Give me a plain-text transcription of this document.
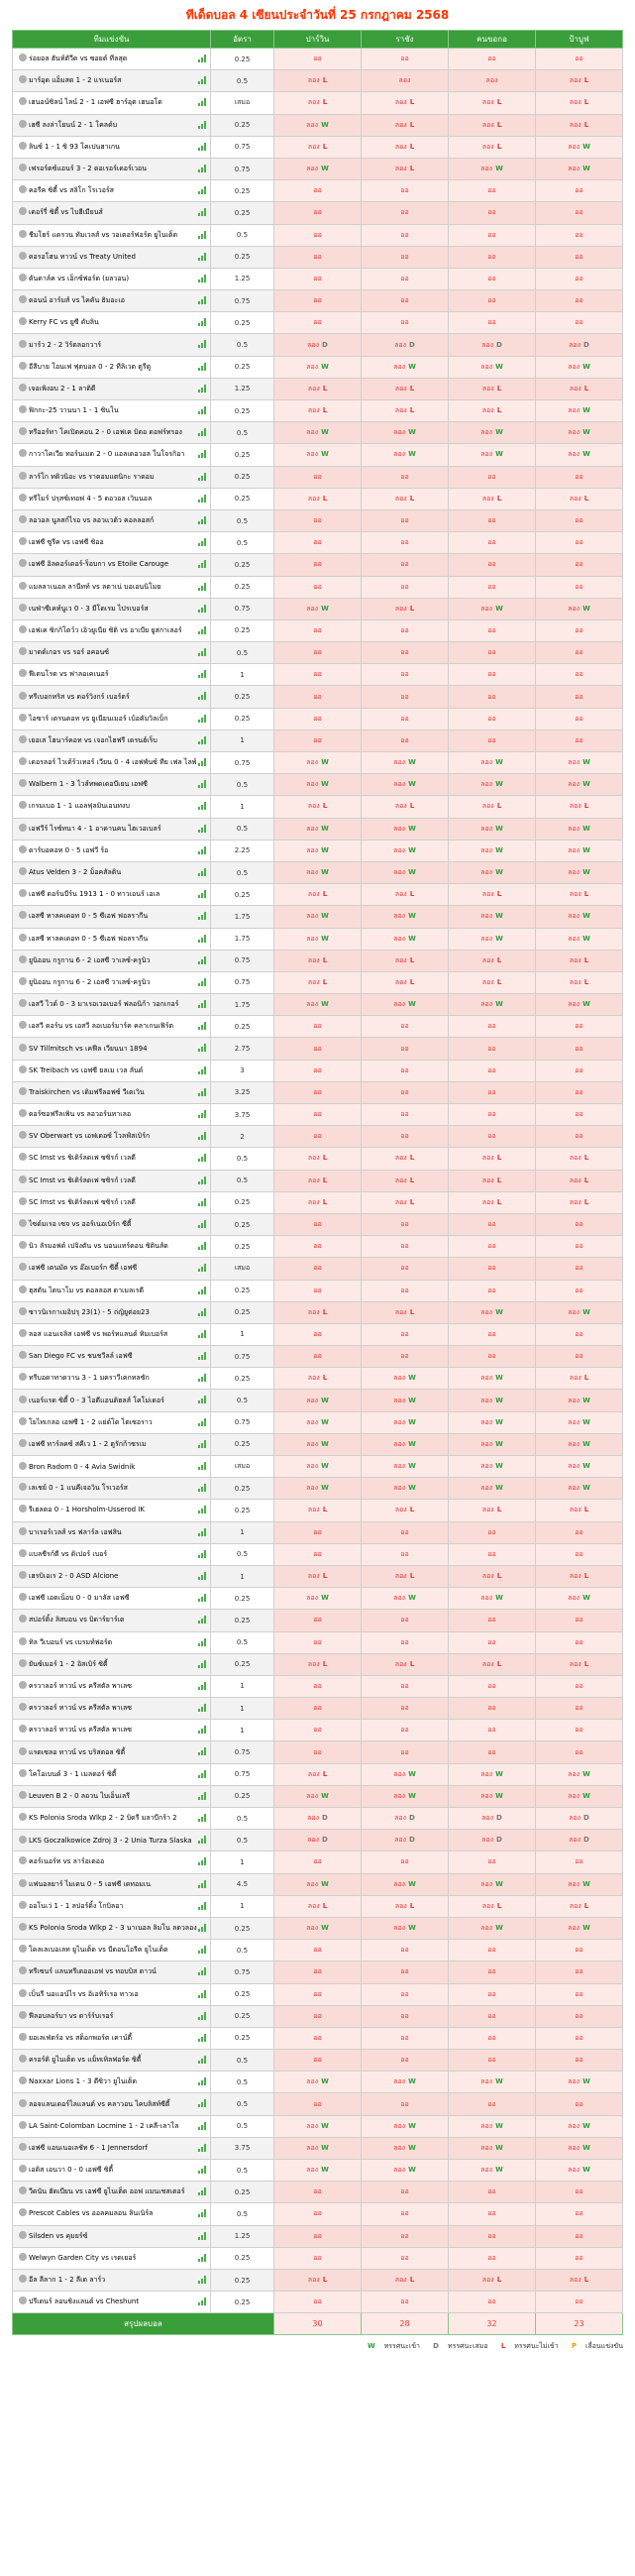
ทีเด็ดบอล 4 เซียนประจำวันที่ 25 กรกฎาคม 2568
ทีมแข่งขัน	อัตรา	ปาร์วิน	ราชัง	คนขอกอ	ป้าบูฟ
ร่อยอล ฮันท์ตัวีด vs ซอยต์ ทีลสุด	0.25	ออ	ออ	ออ	ออ
มาร์อุด แอ็มสด 1 - 2 แรเนอร์ส	0.5	ลอง L	ลอง	ลอง	ลอง L
เฮนอน์ซิลน์ ไลน์ 2 - 1 เอฟซี ฮาร์อุต เฮนอโด	เสมอ	ลอง L	ลอง L	ลอง L	ลอง L
เฮซี ลงล่าโยนน์ 2 - 1 โคลด์บ	0.25	ลอง W	ลอง L	ลอง L	ลอง L
ลินซ์ 1 - 1 ซิ 93 โคเปนฮาเกน	0.75	ลอง L	ลอง L	ลอง L	ลอง W
เฟรอร์ดซ์แอนร์ 3 - 2 ดอเรอร์เดอร์เวอน	0.75	ลอง W	ลอง L	ลอง W	ลอง W
คอรีค ซิตี้ vs สลิโก โรเวอร์ส	0.25	ออ	ออ	ออ	ออ
เดอร์รี่ ซิตี้ vs ไบฮีเมียนส์	0.25	ออ	ออ	ออ	ออ
ชีมโฮร์ แดรวน ทัมเวลส์ vs วอเตอร์ฟอร์ด ยูไนเต็ด	0.5	ออ	ออ	ออ	ออ
ดอรอโฮน ทาวน์ vs Treaty United	0.25	ออ	ออ	ออ	ออ
ดันดาล์ค vs เอ็กซ์ฟอร์ด (ยลวอน)	1.25	ออ	ออ	ออ	ออ
ดอนน์ อาร์มส์ vs ไคคัน ธิมอะเอ	0.75	ออ	ออ	ออ	ออ
Kerry FC vs ยูซี ดับลิน	0.25	ออ	ออ	ออ	ออ
มาร์ว 2 - 2 วิร์ตลอกวาร์	0.5	ลอง D	ลอง D	ลอง D	ลอง D
อีลีบาย โอนเฟ ฟุตบอล 0 - 2 ทีลิเวต ตูรีตู	0.25	ลอง W	ลอง W	ลอง W	ลอง W
เจอเพิงอบ 2 - 1 ลาติดี	1.25	ลอง L	ลอง L	ลอง L	ลอง L
ฟิกกะ-25 วานนา 1 - 1 ซินโน	0.25	ลอง L	ลอง L	ลอง L	ลอง W
ทรีออร์ทา โคเปิดคอน 2 - 0 เอฟเค บิดอ ดอฟร์ทรอง	0.5	ลอง W	ลอง W	ลอง W	ลอง W
กาวาโคเวีย ทอร์นเมด 2 - 0 แอลเดอวอล ในโจรกิอา	0.25	ลอง W	ลอง W	ลอง W	ลอง W
ลาร์โก ทดิวนิอะ vs ราดอมแตนิกะ ราดอม	0.25	ออ	ออ	ออ	ออ
ทรีโมร์ ปรุสซ์เทอฟ 4 - 5 ดอวอล เวินนอล	0.25	ลอง L	ลอง L	ลอง L	ลอง L
ลอวอล นูลสก์ไรอ vs ลอวแวต้ว คอลลอสก์	0.5	ออ	ออ	ออ	ออ
เอฟซี ซูรีค vs เอฟซี ซิออ	0.5	ออ	ออ	ออ	ออ
เอฟซี อิลดอร์เดอร์-ร็อบกา vs Etoile Carouge	0.25	ออ	ออ	ออ	ออ
แมลลาเนอล ลานีทท์ vs ลตาเน่ บอเอนนิโมย	0.25	ออ	ออ	ออ	ออ
เนฟ่าซีเคท์นูเว 0 - 3 มีโดเรม ไปรเบอร์ส	0.75	ลอง W	ลอง L	ลอง W	ลอง W
เอฟเค ซิกกิโตว์ว เอิวยูเนีย ซิติ vs อาเบีย ยูสกาเลอร์	0.25	ออ	ออ	ออ	ออ
มาดด์เกอร vs รอร์ อคอนซ์	0.5	ออ	ออ	ออ	ออ
ฟีเดนโรด vs ฟาลอเคเนอร์	1	ออ	ออ	ออ	ออ
ทรีเบอกทริส vs ดอร์วิงกร์ เบอร์ตร์	0.25	ออ	ออ	ออ	ออ
ไอซาร์ เดรนดอท vs ยูเนียนเมอร์ เบ้อคัมวิลเบ็ก	0.25	ออ	ออ	ออ	ออ
เยอเส โฮนาร์คอท vs เจอกไฮฟรี เดรนฮ์เร็บ	1	ออ	ออ	ออ	ออ
เดอรลอร์ ไวเด้ร์วเทอร์ เวียน 0 - 4 เอฟพันซ์ ทีย เฟล ไลพ์	0.75	ลอง W	ลอง W	ลอง W	ลอง W
Walbern 1 - 3 ไวส์ทพดเดอบีเยน เอฟซี	0.5	ลอง W	ลอง W	ลอง W	ลอง W
เกรมเบอ 1 - 1 แอลฟุลมินเอนทงบ	1	ลอง L	ลอง L	ลอง L	ลอง L
เอฟวีร์ ไรซ์ทนา 4 - 1 อาคานคน ไฮเวอเบลร์	0.5	ลอง W	ลอง W	ลอง W	ลอง W
ดาร์บอคอท 0 - 5 เอฟวี ร้อ	2.25	ลอง W	ลอง W	ลอง W	ลอง W
Atus Velden 3 - 2 ม็อคสัลติน	0.5	ลอง W	ลอง W	ลอง W	ลอง W
เอฟซี ดอร์นบีร์น 1913 1 - 0 ทาวเอนร์ เอเล	0.25	ลอง L	ลอง L	ลอง L	ลอง L
เอสซี ทาลคเดอท 0 - 5 ซีเอฟ ฟอลรากีน	1.75	ลอง W	ลอง W	ลอง W	ลอง W
เอสซี ทาลคเดอท 0 - 5 ซีเอฟ ฟอลรากีน	1.75	ลอง W	ลอง W	ลอง W	ลอง W
ยูนิออน กรูกาน 6 - 2 เอสซี วาเลซ์-ครูนิว	0.75	ลอง L	ลอง L	ลอง L	ลอง L
ยูนิออน กรูกาน 6 - 2 เอสซี วาเลซ์-ครูนิว	0.75	ลอง L	ลอง L	ลอง L	ลอง L
เอสวี ไวด์ 0 - 3 มาเรอเวอเบอร์ ฟลอนิก้า วอกเกอร์	1.75	ลอง W	ลอง W	ลอง W	ลอง W
เอสวี ดอร์น vs เอสวี ลอเบอร์มาร์ค คลาเกนเฟิร์ต	0.25	ออ	ออ	ออ	ออ
SV Tillmitsch vs เคฟีล เวียนนา 1894	2.75	ออ	ออ	ออ	ออ
SK Treibach vs เอฟซี ยลเม เวล ลันด์	3	ออ	ออ	ออ	ออ
Traiskirchen vs เดิมฟรีลอฟซ์ วีเดเวิน	3.25	ออ	ออ	ออ	ออ
ดอร์ซอฟรีลเพิน vs ลอวอร์นทาเลอ	3.75	ออ	ออ	ออ	ออ
SV Oberwart vs เอฟเดอซ์ โวลฟ์สเบิร์ก	2	ออ	ออ	ออ	ออ
SC Imst vs ชิเดิร์ลดเฟ ซซิรก์ เวลดี	0.5	ลอง L	ลอง L	ลอง L	ลอง L
SC Imst vs ชิเดิร์ลดเฟ ซซิรก์ เวลดี	0.5	ลอง L	ลอง L	ลอง L	ลอง L
SC Imst vs ชิเดิร์ลดเฟ ซซิรก์ เวลดี	0.25	ลอง L	ลอง L	ลอง L	ลอง L
ไซด์มเรอ เซจ vs ออร์เนอเบิร์ก ซีตี้	0.25	ออ	ออ	ออ	ออ
นิว ลัรมอฟด์ เปจิงตัน vs นอนแทร์ดอน ซิตินส์ด	0.25	ออ	ออ	ออ	ออ
เอฟซี เดนมัด vs อ๊อเบอร์ก ซีตี้ เอฟซี	เสมอ	ออ	ออ	ออ	ออ
ฮุสตัน ไดนาโม vs ดอลลอส ดาเมลเรดี	0.25	ออ	ออ	ออ	ออ
ซาวนิเรกาเมอิปรุ 23(1) - 5 ถ่ญิยูต่อย23	0.25	ลอง L	ลอง L	ลอง W	ลอง W
ลอส แอนเจลิส เอฟซี vs พอร์ทแลนด์ ทิมเบอร์ส	1	ออ	ออ	ออ	ออ
San Diego FC vs ชนชวีลล์ เอฟซี	0.75	ออ	ออ	ออ	ออ
ทรีบอดาทาดวาน 3 - 1 มคราวีเคกทลซัก	0.25	ลอง L	ลอง W	ลอง W	ลอง L
เนอร์แรด ซิตี้ 0 - 3 ไอดีแอนดิฮลส์ โคโม่เดอร์	0.5	ลอง W	ลอง W	ลอง W	ลอง W
โยไทเกลอ เอฟซี 1 - 2 แย่ด์โด ไตเซอราว	0.75	ลอง W	ลอง W	ลอง W	ลอง W
เอฟซี ทาร์ลคซ์ สคีเว 1 - 2 ตูรักก้าซรเม	0.25	ลอง W	ลอง W	ลอง W	ลอง W
Bron Radom 0 - 4 Avia Swidnik	เสมอ	ลอง W	ลอง W	ลอง W	ลอง W
เลเชย์ 0 - 1 แนคีเจอวิน โรเวอร์ส	0.25	ลอง W	ลอง W	ลอง W	ลอง W
รีเฮลตอ 0 - 1 Horsholm-Usserod IK	0.25	ลอง L	ลอง L	ลอง L	ลอง L
บาเรอร์เวลส์ vs ฟลาร์ล เอฟสิน	1	ออ	ออ	ออ	ออ
แบลชีรก์ตี vs ดิเปอร์ เบอร์	0.5	ออ	ออ	ออ	ออ
เฮรบิเอเร 2 - 0 ASD Alcione	1	ลอง L	ลอง L	ลอง L	ลอง L
เอฟซี เอดเน็อบ 0 - 0 มาลัส เอฟซี	0.25	ลอง W	ลอง W	ลอง W	ลอง W
สปอร์ติ้ง ลิสบอน vs บิดาร์ยาร์เด	0.25	ออ	ออ	ออ	ออ
ทิล วีเบอนร์ vs เบรมท์ฟอร์ด	0.5	ออ	ออ	ออ	ออ
ยันซ์เมอร์ 1 - 2 อิสเบิร์ ซิตี้	0.25	ลอง L	ลอง L	ลอง L	ลอง L
ครวาลอร์ ทาวน์ vs ครีสตัล พาเลซ	1	ออ	ออ	ออ	ออ
ครวาลอร์ ทาวน์ vs ครีสตัล พาเลซ	1	ออ	ออ	ออ	ออ
ครวาลอร์ ทาวน์ vs ครีสตัล พาเลซ	1	ออ	ออ	ออ	ออ
แรดเซลอ ทาวน์ vs บริสตอล ซิตี้	0.75	ออ	ออ	ออ	ออ
โคโอเบนด์ 3 - 1 เมลดอร์ ซิตี้	0.75	ลอง L	ลอง W	ลอง W	ลอง W
Leuven B 2 - 0 ลอวน ไบเอ็นเลรี	0.25	ลอง W	ลอง W	ลอง W	ลอง W
KS Polonia Sroda Wlkp 2 - 2 บิดรี มลาบีกร้า 2	0.5	ลอง D	ลอง D	ลอง D	ลอง D
LKS Goczalkowice Zdroj 3 - 2 Unia Turza Slaska	0.5	ลอง D	ลอง D	ลอง D	ลอง D
คอร์เนอร์ท vs ลาร์อเดออ	1	ออ	ออ	ออ	ออ
แฟนอลยาร์ ไมเดน 0 - 5 เอฟซี เดทอมเน	4.5	ลอง W	ลอง W	ลอง W	ลอง W
ออโนเว่ 1 - 1 ลปอร์ติ้ง โกบิลอา	1	ลอง L	ลอง L	ลอง L	ลอง L
KS Polonia Sroda Wlkp 2 - 3 นาเนอล ลิมโน ลตวลอง	0.25	ลอง W	ลอง W	ลอง W	ลอง W
โคลเลเบอเลท ยูไนเต็ด vs บีดอนโอรีค ยูไนเต็ด	0.5	ออ	ออ	ออ	ออ
ทรีเซนร์ แลนทรีเดออเอฟ vs ทอบบิส ตาวน์	0.75	ออ	ออ	ออ	ออ
เบ็นรี นอเเอน์ไร vs อิเอทิร์เรอ ทาวเอ	0.25	ออ	ออ	ออ	ออ
ฟีลอบลอร์บา vs ดาร์ร์บเรอร์	0.25	ออ	ออ	ออ	ออ
ยอเลเฟ่ตร์อ vs สต็อกพอร์ต เคาน์ตี้	0.25	ออ	ออ	ออ	ออ
ครอร์ดิ ยูไนเต็ด vs แม็ทเทิลฟอร์ด ซิตี้	0.5	ออ	ออ	ออ	ออ
Naxxar Lions 1 - 3 ดีซิวา ยูไนเต็ด	0.5	ลอง W	ลอง W	ลอง W	ลอง W
ลอจแลนเดอร์ไลแลนด์ vs คลาวอน ไคบลิสท์ซีตี้	0.5	ออ	ออ	ออ	ออ
LA Saint-Colomban Locmine 1 - 2 เคลี-เลาโล	0.5	ลอง W	ลอง W	ลอง W	ลอง W
เอฟซี แอนเนอเลชัท 6 - 1 Jennersdorf	3.75	ลอง W	ลอง W	ลอง W	ลอง W
เอดิส เอนวา 0 - 0 เอฟซี ซิตี้	0.5	ลอง W	ลอง W	ลอง W	ลอง W
วีดนัน ฮัดเบียน vs เอฟซี ยูไนเต็ด ออฟ แมนเชสเตอร์	0.25	ออ	ออ	ออ	ออ
Prescot Cables vs ออลคมลอน ลินเนิร์ล	0.5	ออ	ออ	ออ	ออ
Silsden vs คุมยร์ซ์	1.25	ออ	ออ	ออ	ออ
Welwyn Garden City vs เรดเยอร์	0.25	ออ	ออ	ออ	ออ
อีล ลีลาก 1 - 2 ลีเด ลาร์ว	0.25	ลอง L	ลอง L	ลอง L	ลอง L
ปรีเดนร์ ลอนชิงแลนด์ vs Cheshunt	0.25	ออ	ออ	ออ	ออ
สรุปผลบอล		30	28	32	23
W ทรรศนะเข้า D ทรรศนะเสมอ L ทรรศนะไม่เข้า P เลื่อนแข่งขัน
